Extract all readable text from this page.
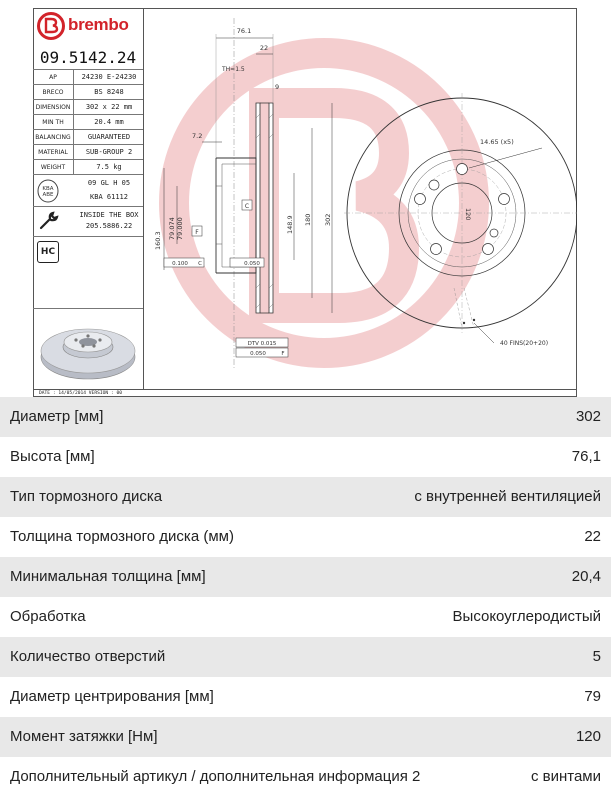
brembo
09.5142.24
AP	24230 E-24230
BRECO	BS 8248
DIMENSION	302 x 22 mm
MIN TH	20.4 mm
BALANCING	GUARANTEED
MATERIAL	SUB-GROUP 2
WEIGHT	7.5 kg
KBA
ABE
09 GL H 05
KBA 61112
INSIDE THE BOX
205.5886.22
HC
76.1
22
TH=1.5
9
7.2
160.3
79.074 79.000	148.9 180 302
C
F
0.100 C	0.050
DTV 0.015
0.050	F
120
14.65 (x5)
40 FINS(20+20)
DATE : 14/05/2014 VERSION : 00
Диаметр [мм]	302
Высота [мм]	76,1
Тип тормозного диска	с внутренней вентиляцией
Толщина тормозного диска (мм)	22
Минимальная толщина [мм]	20,4
Обработка	Высокоуглеродистый
Количество отверстий	5
Диаметр центрирования [мм]	79
Момент затяжки [Нм]	120
Дополнительный артикул / дополнительная информация 2	с винтами
